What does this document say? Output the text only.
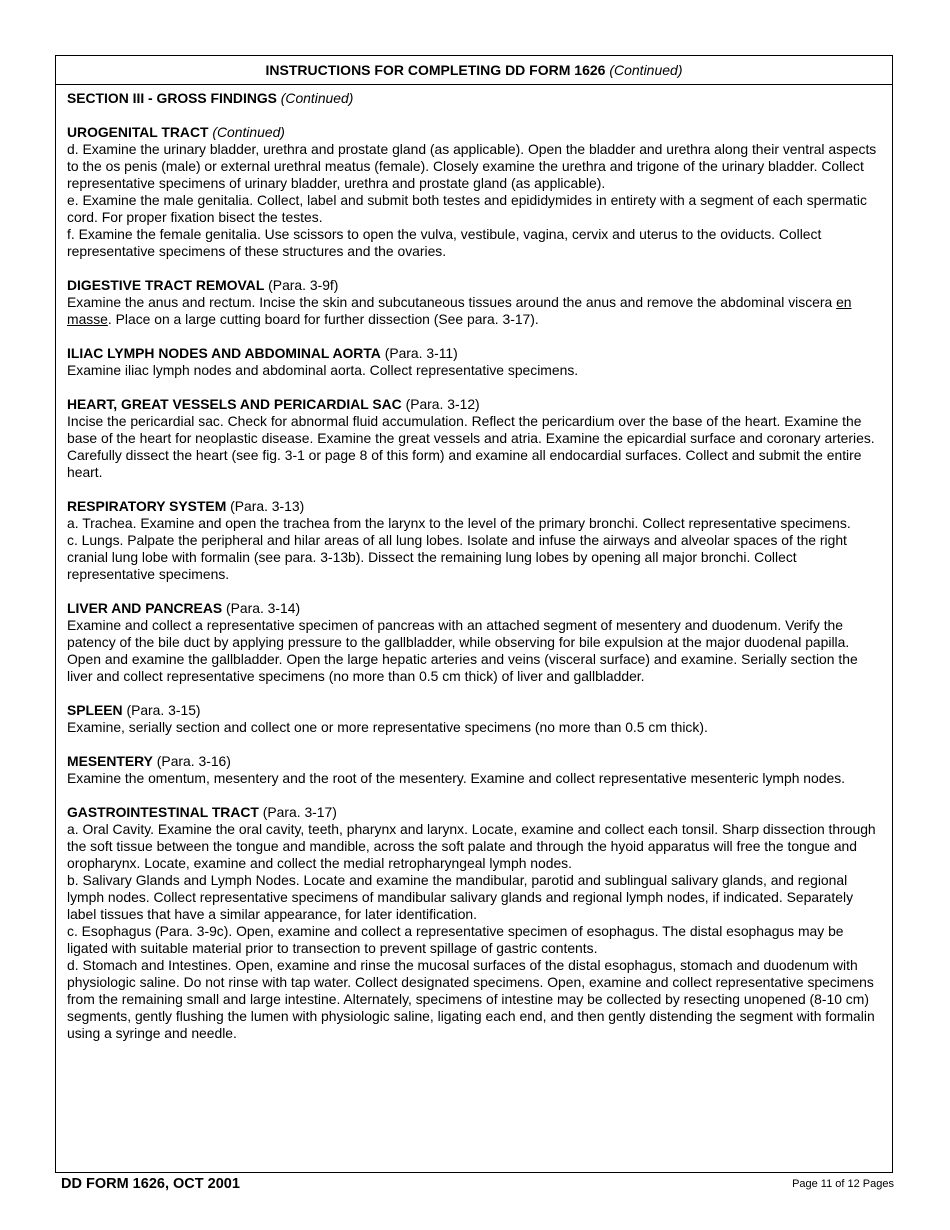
INSTRUCTIONS FOR COMPLETING DD FORM 1626 (Continued)

SECTION III - GROSS FINDINGS (Continued)

UROGENITAL TRACT (Continued)

d. Examine the urinary bladder, urethra and prostate gland (as applicable). Open the bladder and urethra along their ventral aspects to the os penis (male) or external urethral meatus (female). Closely examine the urethra and trigone of the urinary bladder. Collect representative specimens of urinary bladder, urethra and prostate gland (as applicable).

e. Examine the male genitalia. Collect, label and submit both testes and epididymides in entirety with a segment of each spermatic cord. For proper fixation bisect the testes.

f. Examine the female genitalia. Use scissors to open the vulva, vestibule, vagina, cervix and uterus to the oviducts. Collect representative specimens of these structures and the ovaries.

DIGESTIVE TRACT REMOVAL (Para. 3-9f)

Examine the anus and rectum. Incise the skin and subcutaneous tissues around the anus and remove the abdominal viscera en masse. Place on a large cutting board for further dissection (See para. 3-17).

ILIAC LYMPH NODES AND ABDOMINAL AORTA (Para. 3-11)

Examine iliac lymph nodes and abdominal aorta. Collect representative specimens.

HEART, GREAT VESSELS AND PERICARDIAL SAC (Para. 3-12)

Incise the pericardial sac. Check for abnormal fluid accumulation. Reflect the pericardium over the base of the heart. Examine the base of the heart for neoplastic disease. Examine the great vessels and atria. Examine the epicardial surface and coronary arteries. Carefully dissect the heart (see fig. 3-1 or page 8 of this form) and examine all endocardial surfaces. Collect and submit the entire heart.

RESPIRATORY SYSTEM (Para. 3-13)

a. Trachea. Examine and open the trachea from the larynx to the level of the primary bronchi. Collect representative specimens.

c. Lungs. Palpate the peripheral and hilar areas of all lung lobes. Isolate and infuse the airways and alveolar spaces of the right cranial lung lobe with formalin (see para. 3-13b). Dissect the remaining lung lobes by opening all major bronchi. Collect representative specimens.

LIVER AND PANCREAS (Para. 3-14)

Examine and collect a representative specimen of pancreas with an attached segment of mesentery and duodenum. Verify the patency of the bile duct by applying pressure to the gallbladder, while observing for bile expulsion at the major duodenal papilla. Open and examine the gallbladder. Open the large hepatic arteries and veins (visceral surface) and examine. Serially section the liver and collect representative specimens (no more than 0.5 cm thick) of liver and gallbladder.

SPLEEN (Para. 3-15)

Examine, serially section and collect one or more representative specimens (no more than 0.5 cm thick).

MESENTERY (Para. 3-16)

Examine the omentum, mesentery and the root of the mesentery. Examine and collect representative mesenteric lymph nodes.

GASTROINTESTINAL TRACT (Para. 3-17)

a. Oral Cavity. Examine the oral cavity, teeth, pharynx and larynx. Locate, examine and collect each tonsil. Sharp dissection through the soft tissue between the tongue and mandible, across the soft palate and through the hyoid apparatus will free the tongue and oropharynx. Locate, examine and collect the medial retropharyngeal lymph nodes.

b. Salivary Glands and Lymph Nodes. Locate and examine the mandibular, parotid and sublingual salivary glands, and regional lymph nodes. Collect representative specimens of mandibular salivary glands and regional lymph nodes, if indicated. Separately label tissues that have a similar appearance, for later identification.

c. Esophagus (Para. 3-9c). Open, examine and collect a representative specimen of esophagus. The distal esophagus may be ligated with suitable material prior to transection to prevent spillage of gastric contents.

d. Stomach and Intestines. Open, examine and rinse the mucosal surfaces of the distal esophagus, stomach and duodenum with physiologic saline. Do not rinse with tap water. Collect designated specimens. Open, examine and collect representative specimens from the remaining small and large intestine. Alternately, specimens of intestine may be collected by resecting unopened (8-10 cm) segments, gently flushing the lumen with physiologic saline, ligating each end, and then gently distending the segment with formalin using a syringe and needle.

DD FORM 1626, OCT 2001	Page 11 of 12 Pages
